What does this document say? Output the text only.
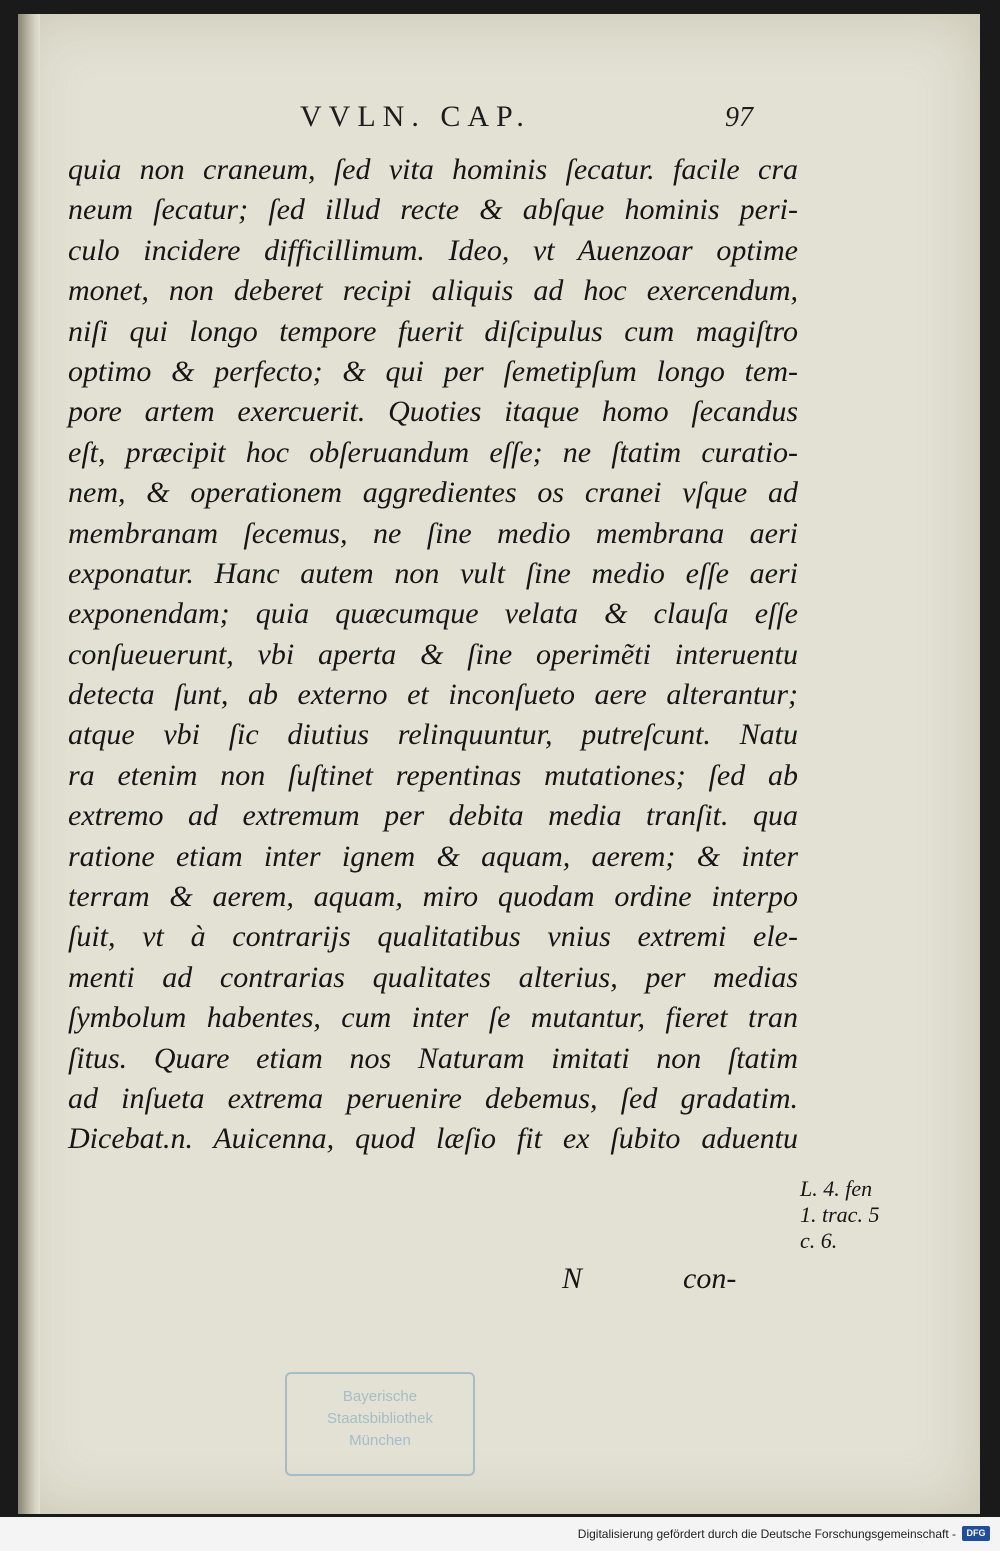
VVLN. CAP.	97
quia non craneum, ſed vita hominis ſecatur. facile cra
neum ſecatur; ſed illud recte & abſque hominis peri-
culo incidere difficillimum. Ideo, vt Auenzoar optime
monet, non deberet recipi aliquis ad hoc exercendum,
niſi qui longo tempore fuerit diſcipulus cum magiſtro
optimo & perfecto; & qui per ſemetipſum longo tem-
pore artem exercuerit. Quoties itaque homo ſecandus
eſt, præcipit hoc obſeruandum eſſe; ne ſtatim curatio-
nem, & operationem aggredientes os cranei vſque ad
membranam ſecemus, ne ſine medio membrana aeri
exponatur. Hanc autem non vult ſine medio eſſe aeri
exponendam; quia quæcumque velata & clauſa eſſe
conſueuerunt, vbi aperta & ſine operimẽti interuentu
detecta ſunt, ab externo et inconſueto aere alterantur;
atque vbi ſic diutius relinquuntur, putreſcunt. Natu
ra etenim non ſuſtinet repentinas mutationes; ſed ab
extremo ad extremum per debita media tranſit. qua
ratione etiam inter ignem & aquam, aerem; & inter
terram & aerem, aquam, miro quodam ordine interpo
ſuit, vt à contrarijs qualitatibus vnius extremi ele-
menti ad contrarias qualitates alterius, per medias
ſymbolum habentes, cum inter ſe mutantur, fieret tran
ſitus. Quare etiam nos Naturam imitati non ſtatim
ad inſueta extrema peruenire debemus, ſed gradatim.
Dicebat.n. Auicenna, quod læſio fit ex ſubito aduentu
L. 4. fen
1. trac. 5
c. 6.
N	con-
Bayerische
Staatsbibliothek
München
Digitalisierung gefördert durch die Deutsche Forschungsgemeinschaft -	DFG
